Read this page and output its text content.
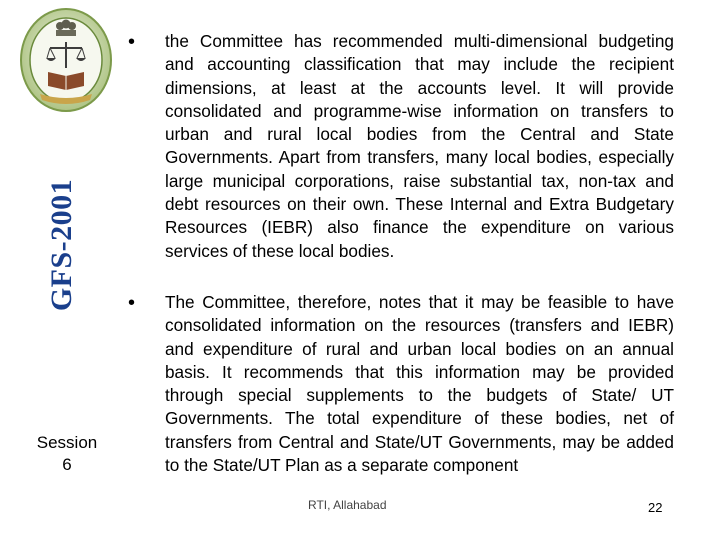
GFS-2001
Session
6
• the Committee has recommended multi-dimensional budgeting and accounting classification that may include the recipient dimensions, at least at the accounts level. It will provide consolidated and programme-wise information on transfers to urban and rural local bodies from the Central and State Governments. Apart from transfers, many local bodies, especially large municipal corporations, raise substantial tax, non-tax and debt resources on their own. These Internal and Extra Budgetary Resources (IEBR) also finance the expenditure on various services of these local bodies.
• The Committee, therefore, notes that it may be feasible to have consolidated information on the resources (transfers and IEBR) and expenditure of rural and urban local bodies on an annual basis. It recommends that this information may be provided through special supplements to the budgets of State/ UT Governments. The total expenditure of these bodies, net of transfers from Central and State/UT Governments, may be added to the State/UT Plan as a separate component
RTI, Allahabad	22
